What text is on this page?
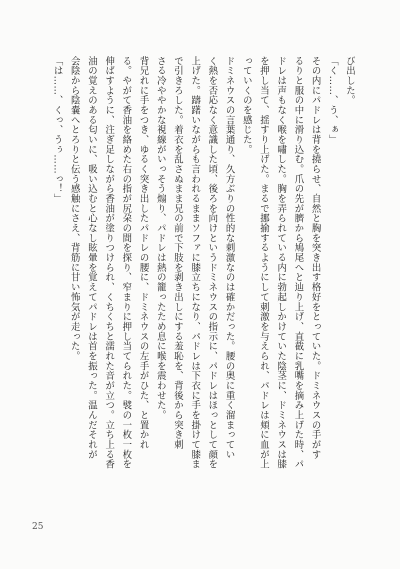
び出した。

「く……、う、ぁ」

その内にパドレは背を撓らせ、自然と胸を突き出す格好をとっていた。ドミネウスの手がす

るりと服の中に滑り込む。爪の先が臍から鳩尾へと辿り上げ、直截に乳嘴を摘み上げた時、パ

ドレは声もなく喉を嘯した。胸を弄られている内に勃起しかけていた陰茎に、ドミネウスは膝

を押し当て、揺すり上げた。まるで挪揄するようにして刺激を与えられ、パドレは頬に血が上

っていくのを感じた。

ドミネウスの言葉通り、久方ぶりの性的な刺激なのは確かだった。腰の奥に重く溜まってい

く熱を否応なく意識した頃、後ろを向けというドミネウスの指示に、パドレはほっとして顔を

上げた。躊躇いながらも言われるままソファに膝立ちになり、パドレは下衣に手を掛けて膝ま

で引きろした。着衣を乱さぬまま兄の前で下肢を剥き出しにする羞恥を、背後から突き刺

さる冷ややかな視線がいっそう煽り、パドレは熱の籠ったため息に喉を震わせた。

背兄れに手をつき、ゆるく突き出したパドレの腰に、ドミネウスの左手がひた、と置かれ

る。やがて香油を絡めた右の指が尻朶の間を探り、窄まりに押し当てられた。襞の一枚一枚を

伸ばすように、注ぎ足しながら香油が塗りつけられ、くちくちと濡れた音が立つ。立ち上る香

油の覚えのある匂いに、吸い込むと心なし眩暈を覚えてパドレは首を振った。温んだそれが

会陰から陰嚢へとろりと伝う感触にさえ、背筋に甘い怖気が走った。

「は……、くっ、うぅ……っ！」

25
